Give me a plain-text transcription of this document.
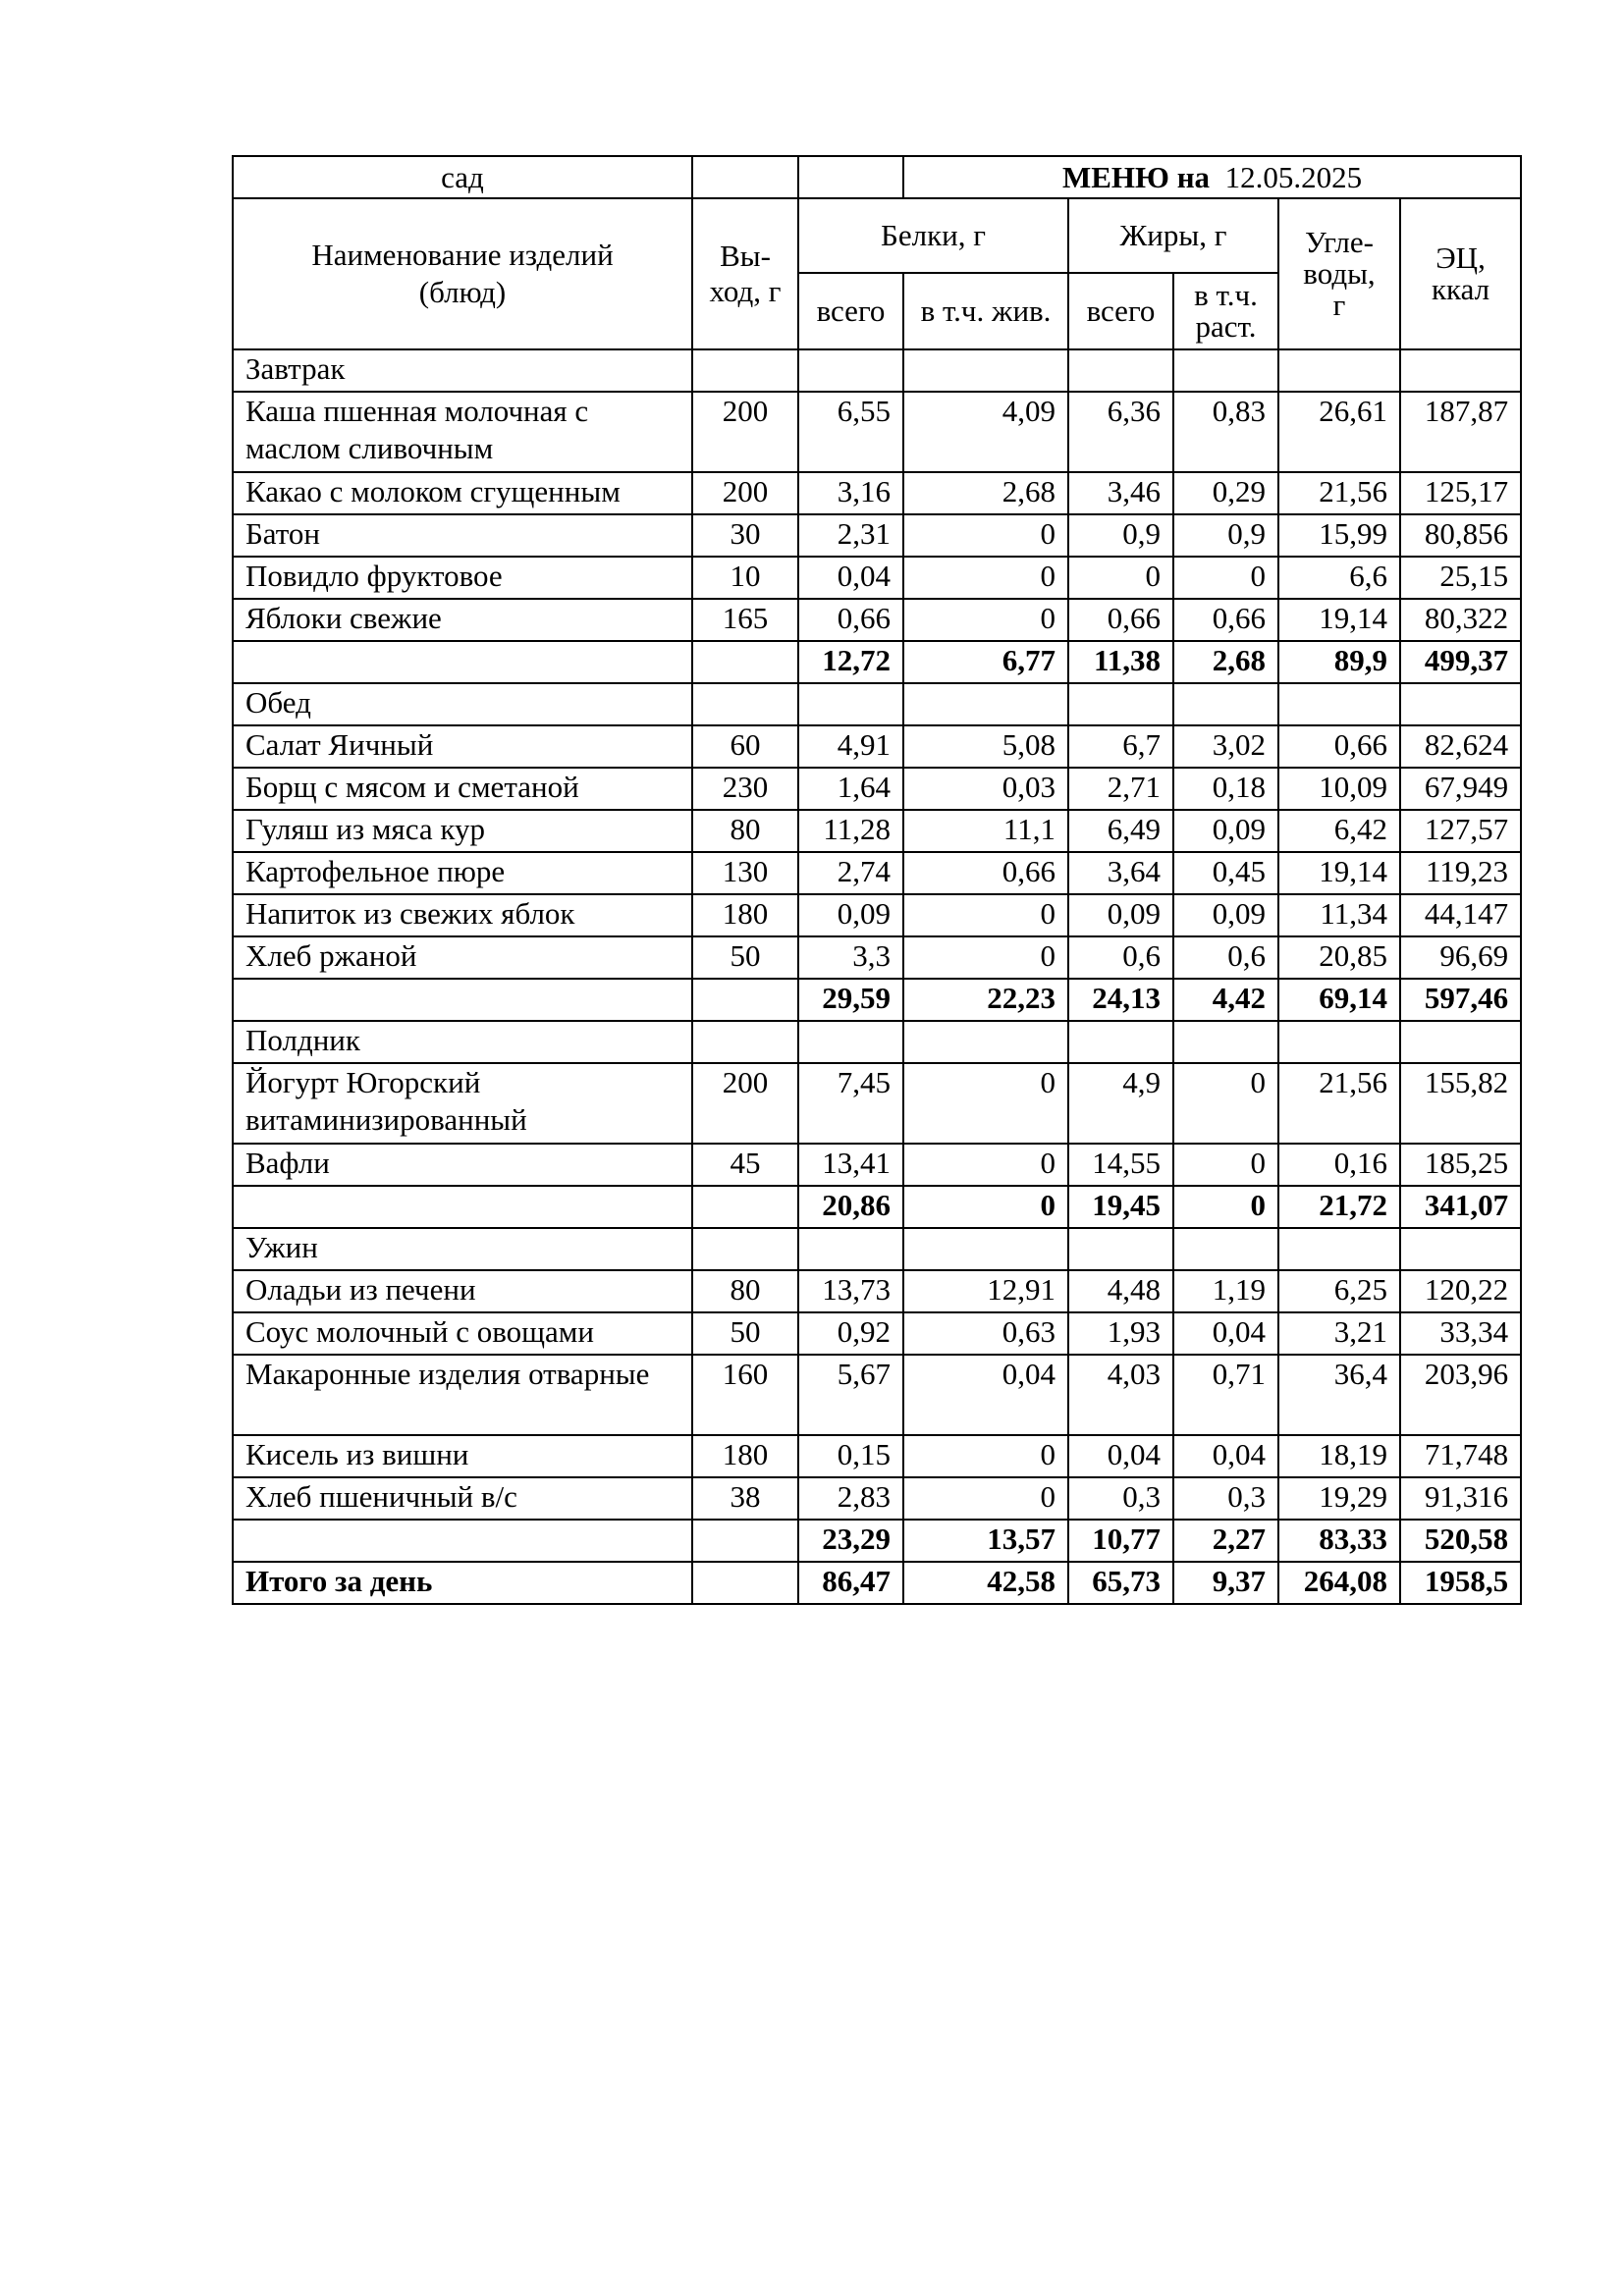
сад			МЕНЮ на 12.05.2025				
Наименование изделий (блюд)	Вы-ход, г	Белки, г		Жиры, г		Угле-воды, г	ЭЦ, ккал
		всего	в т.ч. жив.	всего	в т.ч. раст.		
Завтрак							
Каша пшенная молочная с маслом сливочным	200	6,55	4,09	6,36	0,83	26,61	187,87
Какао с молоком сгущенным	200	3,16	2,68	3,46	0,29	21,56	125,17
Батон	30	2,31	0	0,9	0,9	15,99	80,856
Повидло фруктовое	10	0,04	0	0	0	6,6	25,15
Яблоки свежие	165	0,66	0	0,66	0,66	19,14	80,322
		12,72	6,77	11,38	2,68	89,9	499,37
Обед							
Салат Яичный	60	4,91	5,08	6,7	3,02	0,66	82,624
Борщ с мясом и сметаной	230	1,64	0,03	2,71	0,18	10,09	67,949
Гуляш из мяса кур	80	11,28	11,1	6,49	0,09	6,42	127,57
Картофельное пюре	130	2,74	0,66	3,64	0,45	19,14	119,23
Напиток из свежих яблок	180	0,09	0	0,09	0,09	11,34	44,147
Хлеб ржаной	50	3,3	0	0,6	0,6	20,85	96,69
		29,59	22,23	24,13	4,42	69,14	597,46
Полдник							
Йогурт Югорский витаминизированный	200	7,45	0	4,9	0	21,56	155,82
Вафли	45	13,41	0	14,55	0	0,16	185,25
		20,86	0	19,45	0	21,72	341,07
Ужин							
Оладьи из печени	80	13,73	12,91	4,48	1,19	6,25	120,22
Соус молочный с овощами	50	0,92	0,63	1,93	0,04	3,21	33,34
Макаронные изделия отварные	160	5,67	0,04	4,03	0,71	36,4	203,96
Кисель из вишни	180	0,15	0	0,04	0,04	18,19	71,748
Хлеб пшеничный в/с	38	2,83	0	0,3	0,3	19,29	91,316
		23,29	13,57	10,77	2,27	83,33	520,58
Итого за день		86,47	42,58	65,73	9,37	264,08	1958,5
